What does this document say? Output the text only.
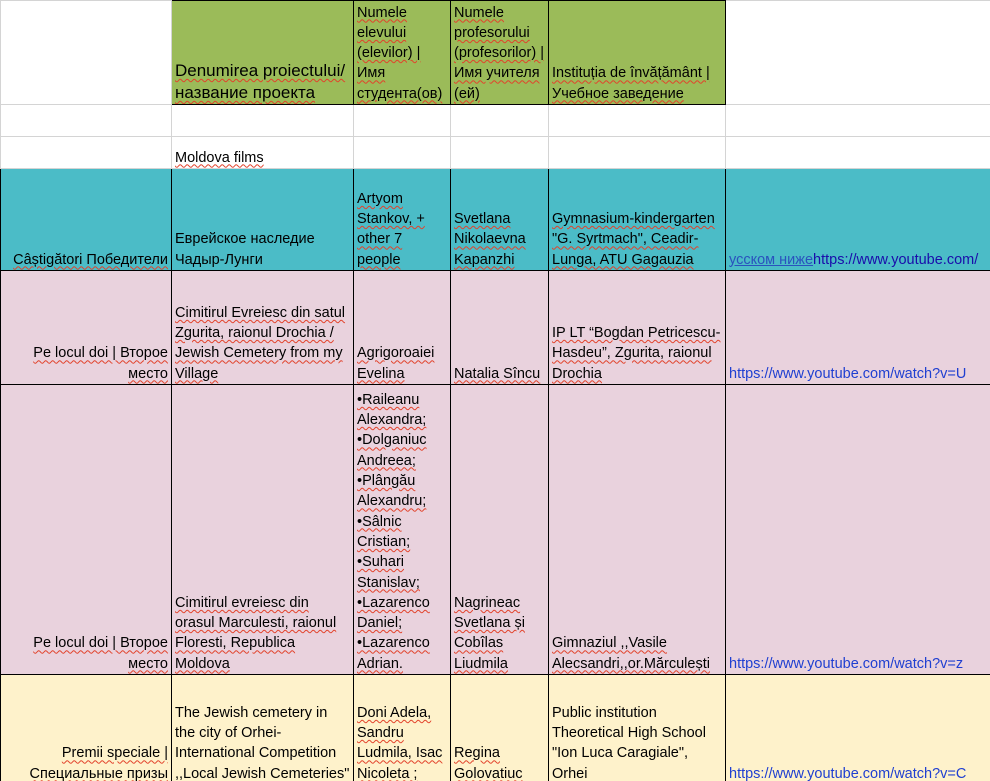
	Denumirea proiectului/название проекта	Numele elevului (elevilor) | Имя студента(ов)	Numele profesorului (profesorilor) | Имя учителя (ей)	Instituția de învățământ | Учебное заведение	

	Moldova films				
Câștigători Победители	Еврейское наследие Чадыр-Лунги	Artyom Stankov, + other 7 people	Svetlana Nikolaevna Kapanzhi	Gymnasium-kindergarten "G. Syrtmach", Ceadir-Lunga, ATU Gagauzia	усском нижеhttps://www.youtube.com/
Pe locul doi | Второе место	Cimitirul Evreiesc din satul Zgurita, raionul Drochia / Jewish Cemetery from my Village	Agrigoroaiei Evelina	Natalia Sîncu	IP LT “Bogdan Petricescu-Hasdeu”, Zgurita, raionul Drochia	https://www.youtube.com/watch?v=U
Pe locul doi | Второе место	Cimitirul evreiesc din orasul Marculesti, raionul Floresti, Republica Moldova	•Raileanu Alexandra; •Dolganiuc Andreea; •Plângău Alexandru; •Sâlnic Cristian; •Suhari Stanislav; •Lazarenco Daniel; •Lazarenco Adrian.	Nagrineac Svetlana și Cobîlas Liudmila	Gimnaziul ,,Vasile Alecsandri,,or.Mărculești	https://www.youtube.com/watch?v=z
Premii speciale | Специальные призы	The Jewish cemetery in the city of Orhei- International Competition ,,Local Jewish Cemeteries"	Doni Adela, Sandru Ludmila, Isac Nicoleta ;	Regina Golovatiuc	Public institution Theoretical High School "Ion Luca Caragiale", Orhei	https://www.youtube.com/watch?v=C
